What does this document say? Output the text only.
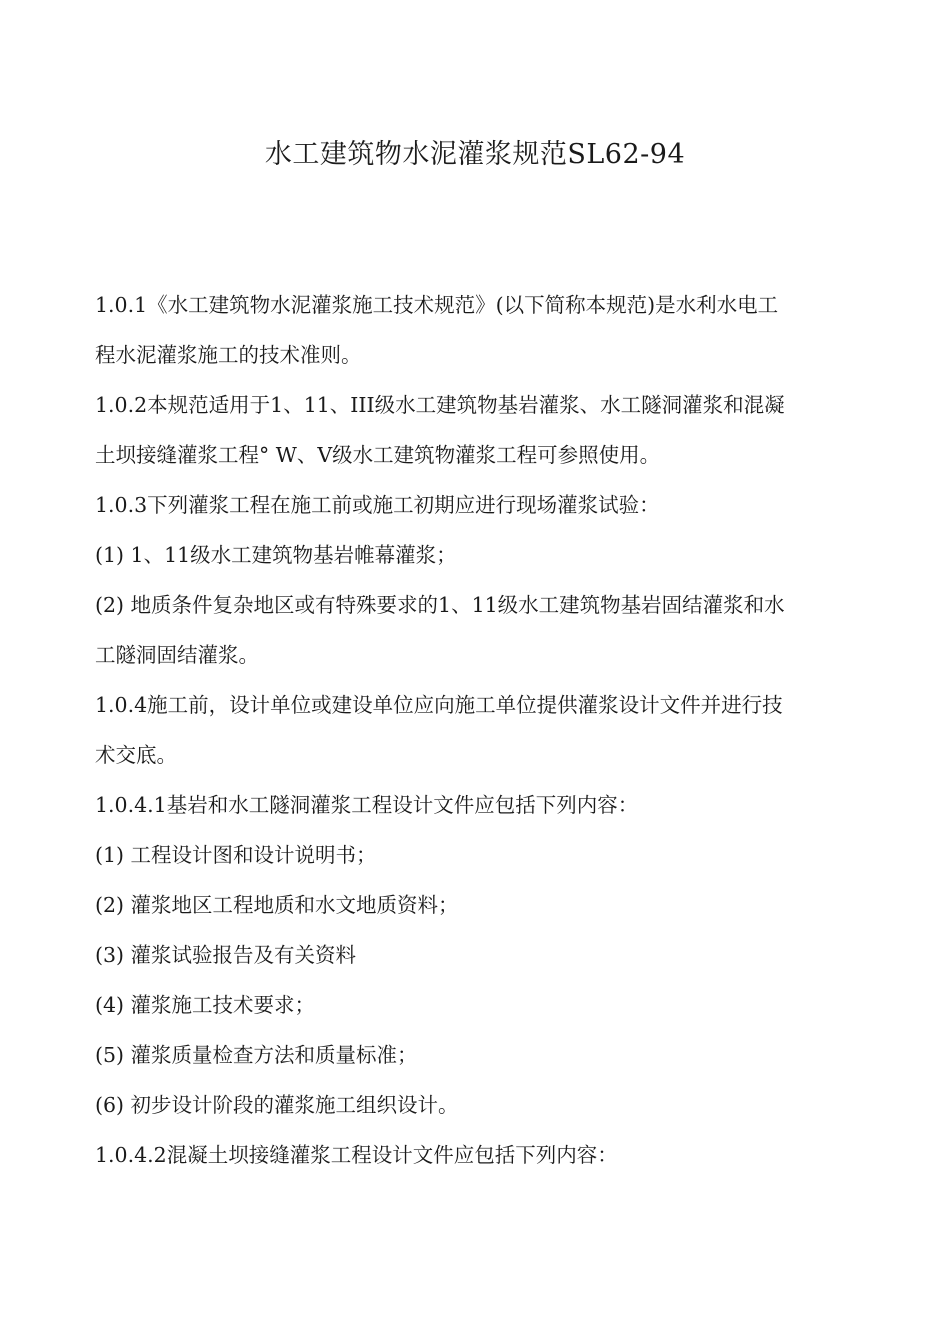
水工建筑物水泥灌浆规范SL62-94
1.0.1《水工建筑物水泥灌浆施工技术规范》(以下简称本规范)是水利水电工
程水泥灌浆施工的技术准则。
1.0.2本规范适用于1、11、III级水工建筑物基岩灌浆、水工隧洞灌浆和混凝
土坝接缝灌浆工程° W、V级水工建筑物灌浆工程可参照使用。
1.0.3下列灌浆工程在施工前或施工初期应进行现场灌浆试验：
(1) 1、11级水工建筑物基岩帷幕灌浆；
(2) 地质条件复杂地区或有特殊要求的1、11级水工建筑物基岩固结灌浆和水
工隧洞固结灌浆。
1.0.4施工前，设计单位或建设单位应向施工单位提供灌浆设计文件并进行技
术交底。
1.0.4.1基岩和水工隧洞灌浆工程设计文件应包括下列内容：
(1) 工程设计图和设计说明书；
(2) 灌浆地区工程地质和水文地质资料；
(3) 灌浆试验报告及有关资料
(4) 灌浆施工技术要求；
(5) 灌浆质量检查方法和质量标准；
(6) 初步设计阶段的灌浆施工组织设计。
1.0.4.2混凝土坝接缝灌浆工程设计文件应包括下列内容：
